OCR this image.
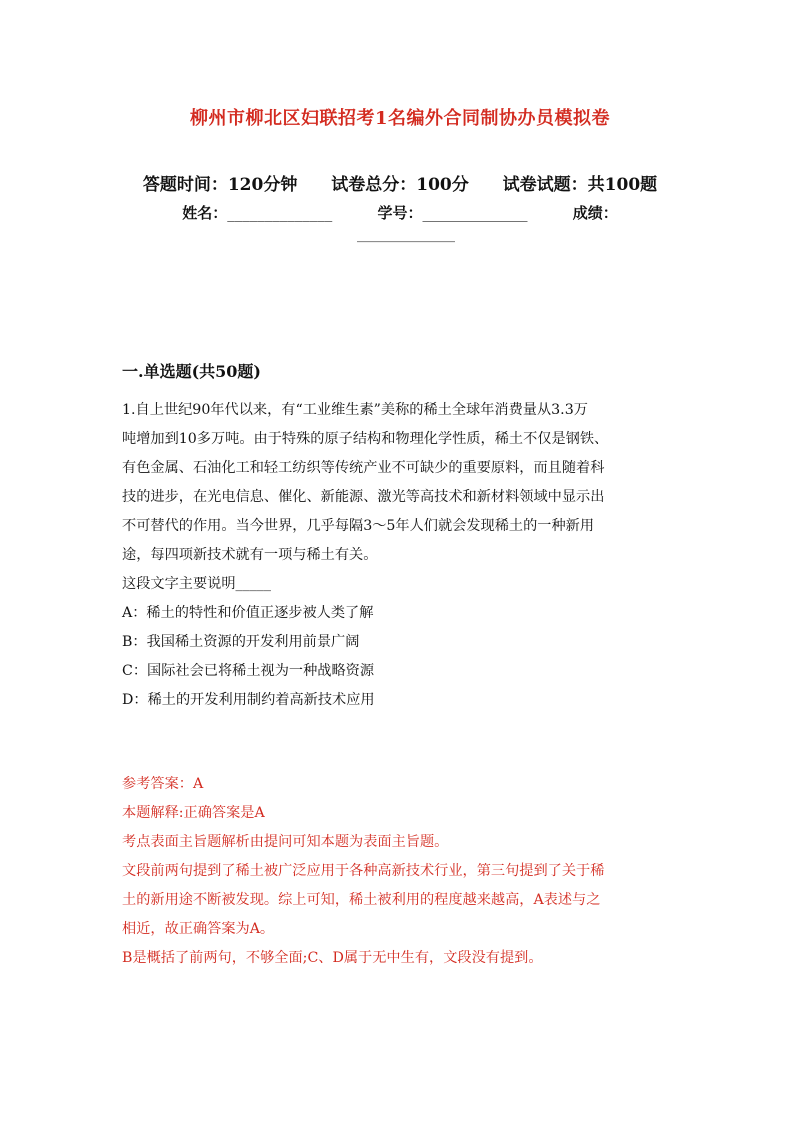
柳州市柳北区妇联招考1名编外合同制协办员模拟卷
答题时间：120分钟 试卷总分：100分 试卷试题：共100题
姓名：______________	学号：______________	成绩：
______________
一.单选题(共50题)
1.自上世纪90年代以来，有“工业维生素”美称的稀土全球年消费量从3.3万
吨增加到10多万吨。由于特殊的原子结构和物理化学性质，稀土不仅是钢铁、
有色金属、石油化工和轻工纺织等传统产业不可缺少的重要原料，而且随着科
技的进步，在光电信息、催化、新能源、激光等高技术和新材料领域中显示出
不可替代的作用。当今世界，几乎每隔3～5年人们就会发现稀土的一种新用
途，每四项新技术就有一项与稀土有关。
这段文字主要说明_____
A：稀土的特性和价值正逐步被人类了解
B：我国稀土资源的开发利用前景广阔
C：国际社会已将稀土视为一种战略资源
D：稀土的开发利用制约着高新技术应用
参考答案：A
本题解释:正确答案是A
考点表面主旨题解析由提问可知本题为表面主旨题。
文段前两句提到了稀土被广泛应用于各种高新技术行业，第三句提到了关于稀
土的新用途不断被发现。综上可知，稀土被利用的程度越来越高，A表述与之
相近，故正确答案为A。
B是概括了前两句，不够全面;C、D属于无中生有，文段没有提到。
